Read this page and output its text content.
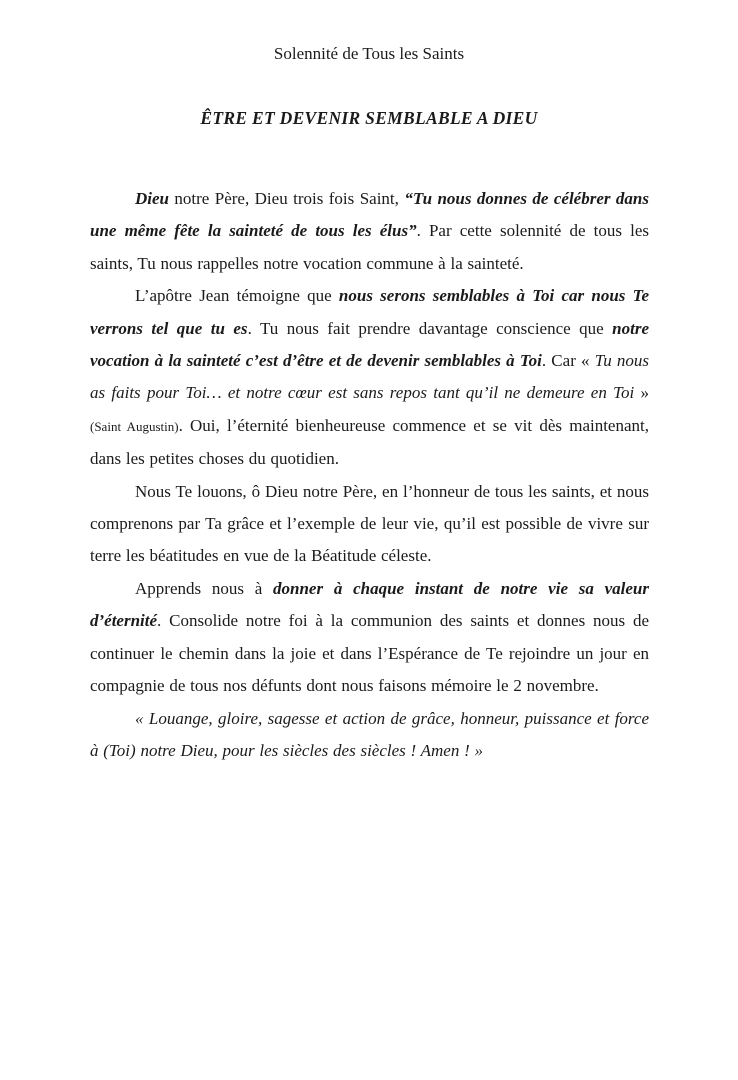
Solennité de Tous les Saints
ÊTRE ET DEVENIR SEMBLABLE A DIEU

Dieu notre Père, Dieu trois fois Saint, “Tu nous donnes de célébrer dans une même fête la sainteté de tous les élus”. Par cette solennité de tous les saints, Tu nous rappelles notre vocation commune à la sainteté.

L’apôtre Jean témoigne que nous serons semblables à Toi car nous Te verrons tel que tu es. Tu nous fait prendre davantage conscience que notre vocation à la sainteté c’est d’être et de devenir semblables à Toi. Car « Tu nous as faits pour Toi… et notre cœur est sans repos tant qu’il ne demeure en Toi » (Saint Augustin). Oui, l’éternité bienheureuse commence et se vit dès maintenant, dans les petites choses du quotidien.

Nous Te louons, ô Dieu notre Père, en l’honneur de tous les saints, et nous comprenons par Ta grâce et l’exemple de leur vie, qu’il est possible de vivre sur terre les béatitudes en vue de la Béatitude céleste.

Apprends nous à donner à chaque instant de notre vie sa valeur d’éternité. Consolide notre foi à la communion des saints et donnes nous de continuer le chemin dans la joie et dans l’Espérance de Te rejoindre un jour en compagnie de tous nos défunts dont nous faisons mémoire le 2 novembre.

« Louange, gloire, sagesse et action de grâce, honneur, puissance et force à (Toi) notre Dieu, pour les siècles des siècles ! Amen ! »
